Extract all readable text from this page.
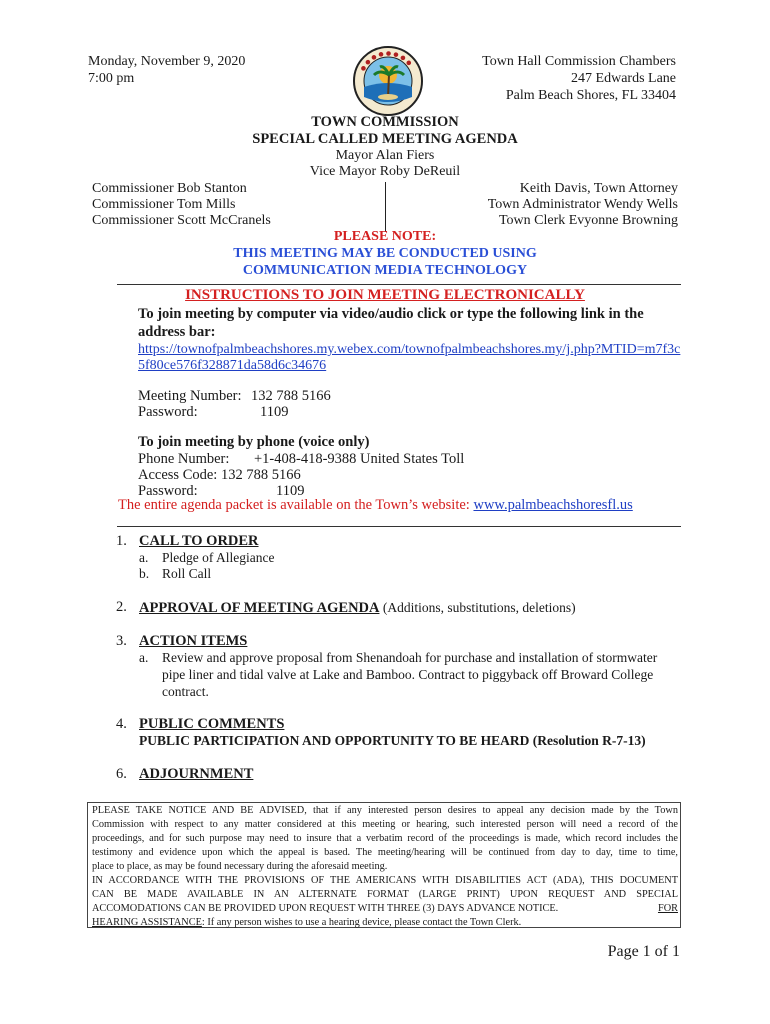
Monday, November 9, 2020
7:00 pm
● ● ● ● ● ● ● ●	Town Hall Commission Chambers
247 Edwards Lane
Palm Beach Shores, FL 33404
TOWN COMMISSION
SPECIAL CALLED MEETING AGENDA
Mayor Alan Fiers
Vice Mayor Roby DeReuil
Commissioner Bob Stanton
Commissioner Tom Mills
Commissioner Scott McCranels
Keith Davis, Town Attorney
Town Administrator Wendy Wells
Town Clerk Evyonne Browning
PLEASE NOTE:
THIS MEETING MAY BE CONDUCTED USING
COMMUNICATION MEDIA TECHNOLOGY
INSTRUCTIONS TO JOIN MEETING ELECTRONICALLY
To join meeting by computer via video/audio click or type the following link in the
address bar:
https://townofpalmbeachshores.my.webex.com/townofpalmbeachshores.my/j.php?MTID=m7f3c
5f80ce576f328871da58d6c34676
Meeting Number: 132 788 5166
Password:	1109
To join meeting by phone (voice only)
Phone Number: +1-408-418-9388 United States Toll
Access Code: 132 788 5166
Password:	1109
The entire agenda packet is available on the Town’s website: www.palmbeachshoresfl.us
1. CALL TO ORDER
a. Pledge of Allegiance
b. Roll Call
2. APPROVAL OF MEETING AGENDA (Additions, substitutions, deletions)
3. ACTION ITEMS
a. Review and approve proposal from Shenandoah for purchase and installation of stormwater
pipe liner and tidal valve at Lake and Bamboo. Contract to piggyback off Broward College
contract.
4. PUBLIC COMMENTS
PUBLIC PARTICIPATION AND OPPORTUNITY TO BE HEARD (Resolution R-7-13)
6. ADJOURNMENT
PLEASE TAKE NOTICE AND BE ADVISED, that if any interested person desires to appeal any decision made by the Town
Commission with respect to any matter considered at this meeting or hearing, such interested person will need a record of the
proceedings, and for such purpose may need to insure that a verbatim record of the proceedings is made, which record includes the
testimony and evidence upon which the appeal is based. The meeting/hearing will be continued from day to day, time to time,
place to place, as may be found necessary during the aforesaid meeting.
IN ACCORDANCE WITH THE PROVISIONS OF THE AMERICANS WITH DISABILITIES ACT (ADA), THIS DOCUMENT
CAN BE MADE AVAILABLE IN AN ALTERNATE FORMAT (LARGE PRINT) UPON REQUEST AND SPECIAL
ACCOMODATIONS CAN BE PROVIDED UPON REQUEST WITH THREE (3) DAYS ADVANCE NOTICE.	FOR
HEARING ASSISTANCE: If any person wishes to use a hearing device, please contact the Town Clerk.
Page 1 of 1
